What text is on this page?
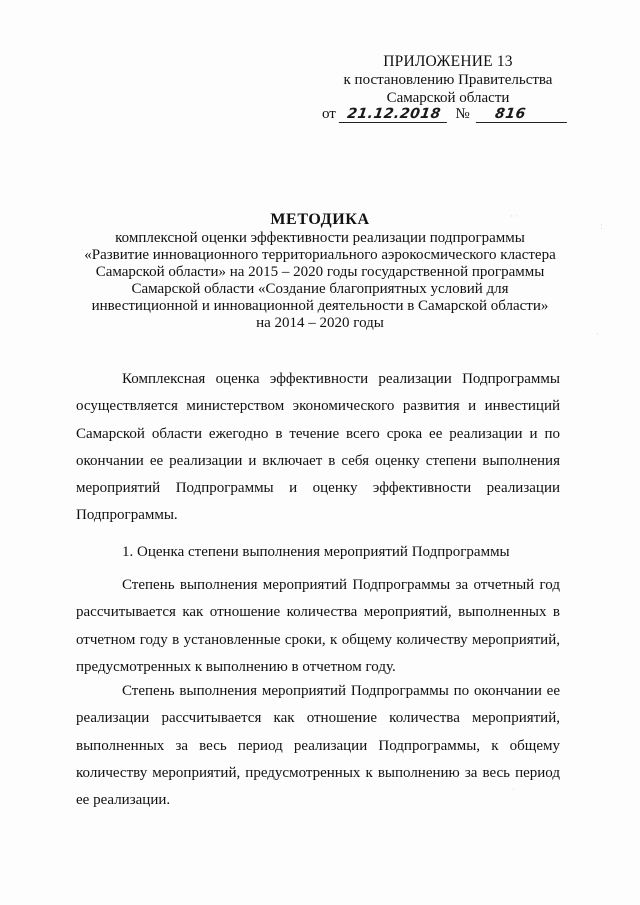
ПРИЛОЖЕНИЕ 13
к постановлению Правительства
Самарской области
от 21.12.2018 № 816
МЕТОДИКА
комплексной оценки эффективности реализации подпрограммы
«Развитие инновационного территориального аэрокосмического кластера
Самарской области» на 2015 – 2020 годы государственной программы
Самарской области «Создание благоприятных условий для
инвестиционной и инновационной деятельности в Самарской области»
на 2014 – 2020 годы
Комплексная оценка эффективности реализации Подпрограммы осуществляется министерством экономического развития и инвестиций Самарской области ежегодно в течение всего срока ее реализации и по окончании ее реализации и включает в себя оценку степени выполнения мероприятий Подпрограммы и оценку эффективности реализации Подпрограммы.
1. Оценка степени выполнения мероприятий Подпрограммы
Степень выполнения мероприятий Подпрограммы за отчетный год рассчитывается как отношение количества мероприятий, выполненных в отчетном году в установленные сроки, к общему количеству мероприятий, предусмотренных к выполнению в отчетном году.
Степень выполнения мероприятий Подпрограммы по окончании ее реализации рассчитывается как отношение количества мероприятий, выполненных за весь период реализации Подпрограммы, к общему количеству мероприятий, предусмотренных к выполнению за весь период ее реализации.
· ·
:
·
·
